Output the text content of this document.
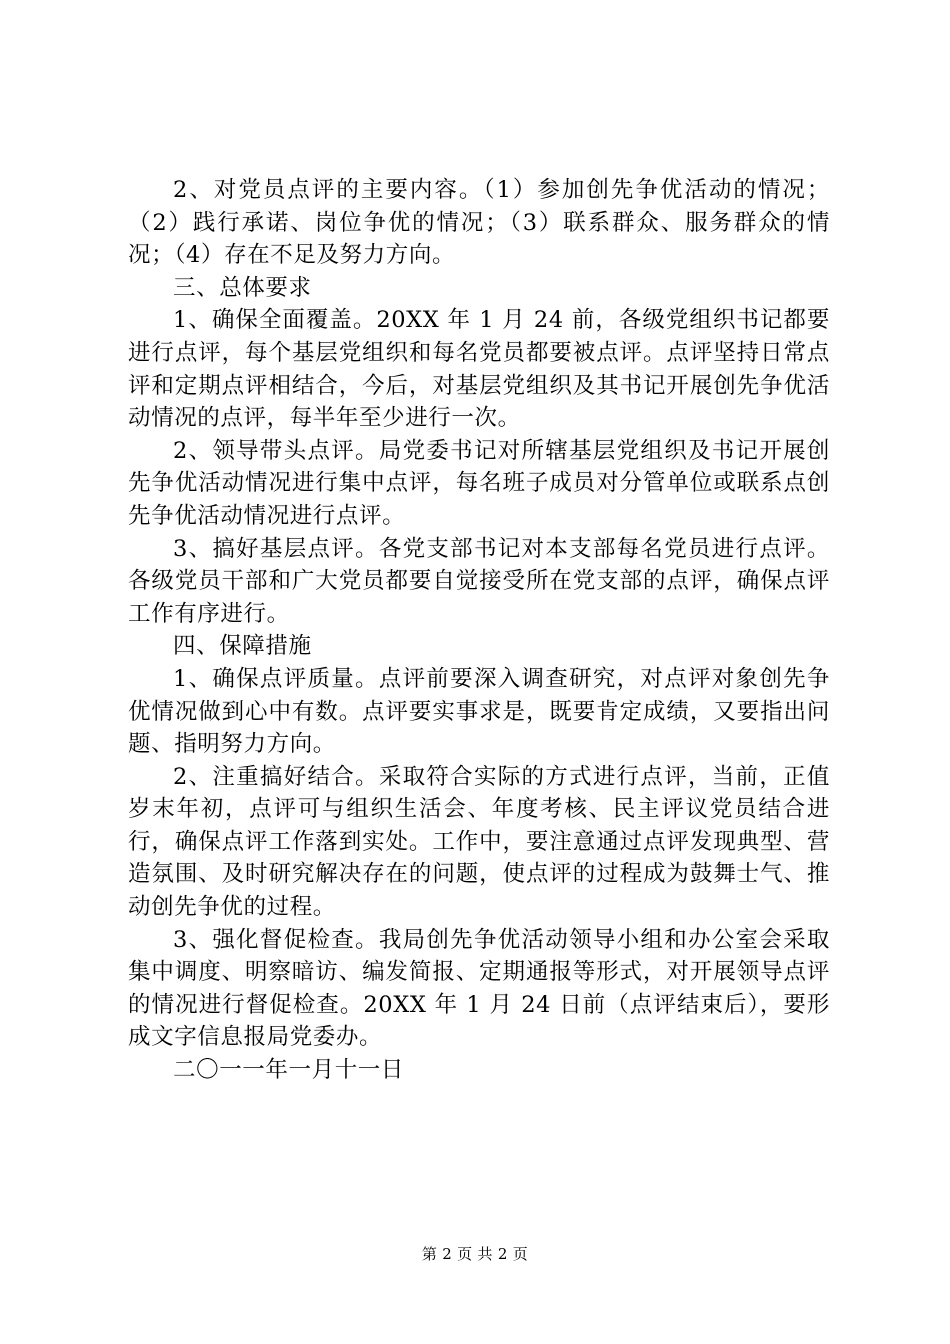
2、对党员点评的主要内容。（1）参加创先争优活动的情况；（2）践行承诺、岗位争优的情况；（3）联系群众、服务群众的情况；（4）存在不足及努力方向。

三、总体要求

1、确保全面覆盖。20XX 年 1 月 24 前，各级党组织书记都要进行点评，每个基层党组织和每名党员都要被点评。点评坚持日常点评和定期点评相结合，今后，对基层党组织及其书记开展创先争优活动情况的点评，每半年至少进行一次。

2、领导带头点评。局党委书记对所辖基层党组织及书记开展创先争优活动情况进行集中点评，每名班子成员对分管单位或联系点创先争优活动情况进行点评。

3、搞好基层点评。各党支部书记对本支部每名党员进行点评。各级党员干部和广大党员都要自觉接受所在党支部的点评，确保点评工作有序进行。

四、保障措施

1、确保点评质量。点评前要深入调查研究，对点评对象创先争优情况做到心中有数。点评要实事求是，既要肯定成绩，又要指出问题、指明努力方向。

2、注重搞好结合。采取符合实际的方式进行点评，当前，正值岁末年初，点评可与组织生活会、年度考核、民主评议党员结合进行，确保点评工作落到实处。工作中，要注意通过点评发现典型、营造氛围、及时研究解决存在的问题，使点评的过程成为鼓舞士气、推动创先争优的过程。

3、强化督促检查。我局创先争优活动领导小组和办公室会采取集中调度、明察暗访、编发简报、定期通报等形式，对开展领导点评的情况进行督促检查。20XX 年 1 月 24 日前（点评结束后），要形成文字信息报局党委办。

二〇一一年一月十一日

第 2 页 共 2 页
